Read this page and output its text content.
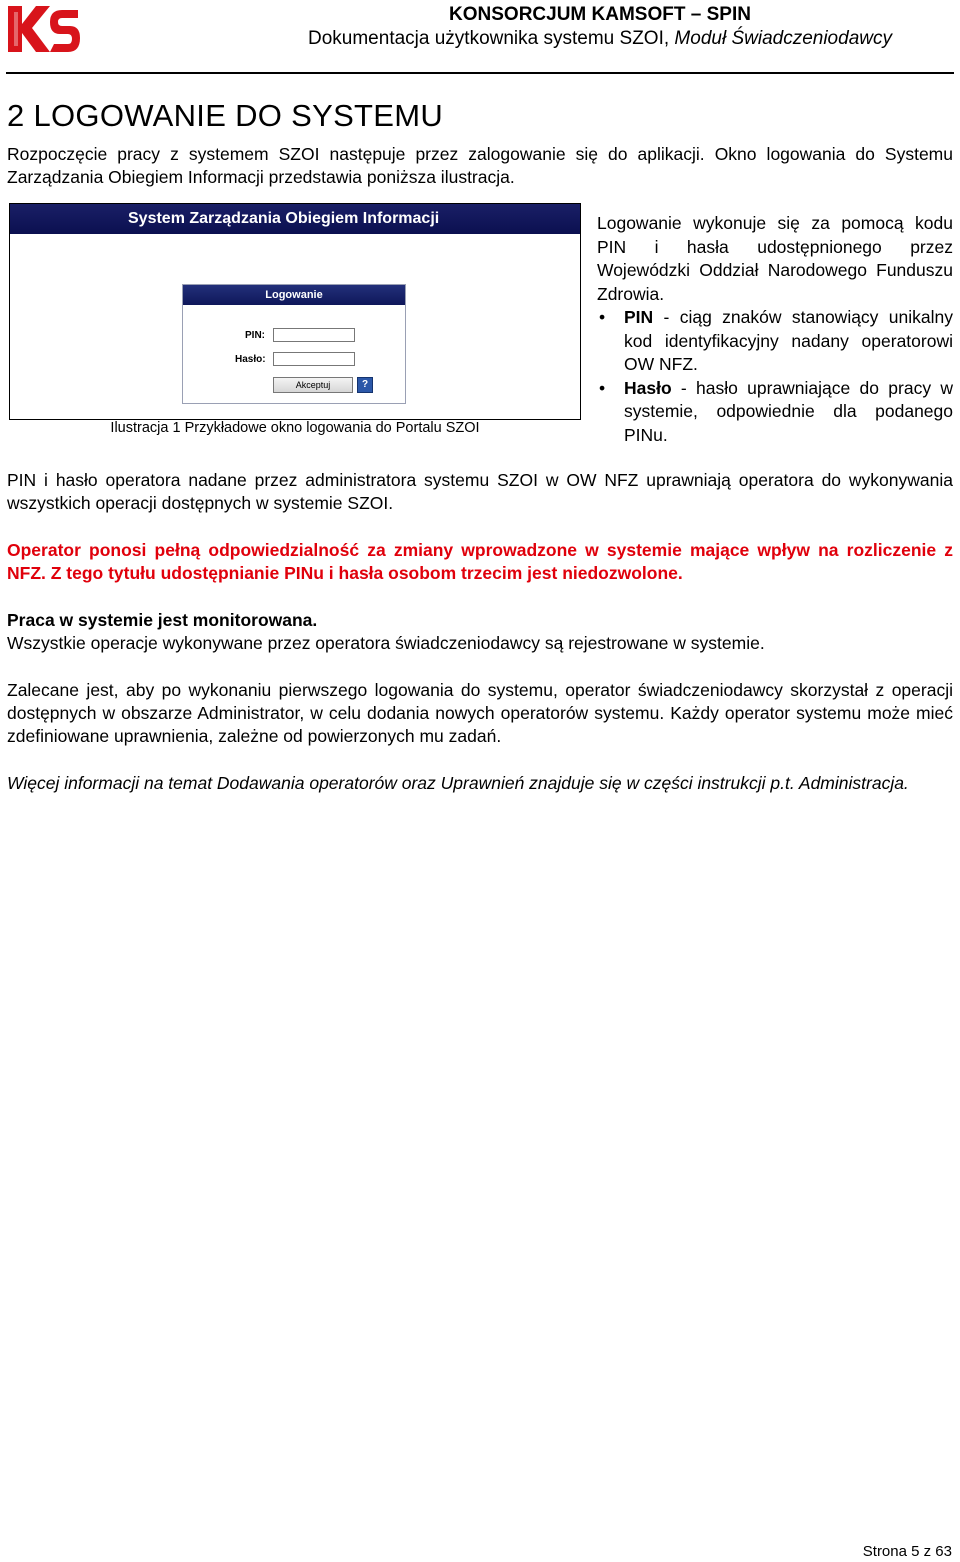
KONSORCJUM KAMSOFT – SPIN
Dokumentacja użytkownika systemu SZOI, Moduł Świadczeniodawcy
2 LOGOWANIE DO SYSTEMU

Rozpoczęcie pracy z systemem SZOI następuje przez zalogowanie się do aplikacji. Okno logowania do Systemu Zarządzania Obiegiem Informacji przedstawia poniższa ilustracja.

System Zarządzania Obiegiem Informacji
Logowanie
PIN:
Hasło:
Akceptuj	?
Ilustracja 1 Przykładowe okno logowania do Portalu SZOI

Logowanie wykonuje się za pomocą kodu PIN i hasła udostępnionego przez Wojewódzki Oddział Narodowego Funduszu Zdrowia.

• PIN - ciąg znaków stanowiący unikalny kod identyfikacyjny nadany operatorowi OW NFZ.
• Hasło - hasło uprawniające do pracy w systemie, odpowiednie dla podanego PINu.

PIN i hasło operatora nadane przez administratora systemu SZOI w OW NFZ uprawniają operatora do wykonywania wszystkich operacji dostępnych w systemie SZOI.

Operator ponosi pełną odpowiedzialność za zmiany wprowadzone w systemie mające wpływ na rozliczenie z NFZ. Z tego tytułu udostępnianie PINu i hasła osobom trzecim jest niedozwolone.

Praca w systemie jest monitorowana.

Wszystkie operacje wykonywane przez operatora świadczeniodawcy są rejestrowane w systemie.

Zalecane jest, aby po wykonaniu pierwszego logowania do systemu, operator świadczeniodawcy skorzystał z operacji dostępnych w obszarze Administrator, w celu dodania nowych operatorów systemu. Każdy operator systemu może mieć zdefiniowane uprawnienia, zależne od powierzonych mu zadań.

Więcej informacji na temat Dodawania operatorów oraz Uprawnień znajduje się w części instrukcji p.t. Administracja.

Strona 5 z 63
